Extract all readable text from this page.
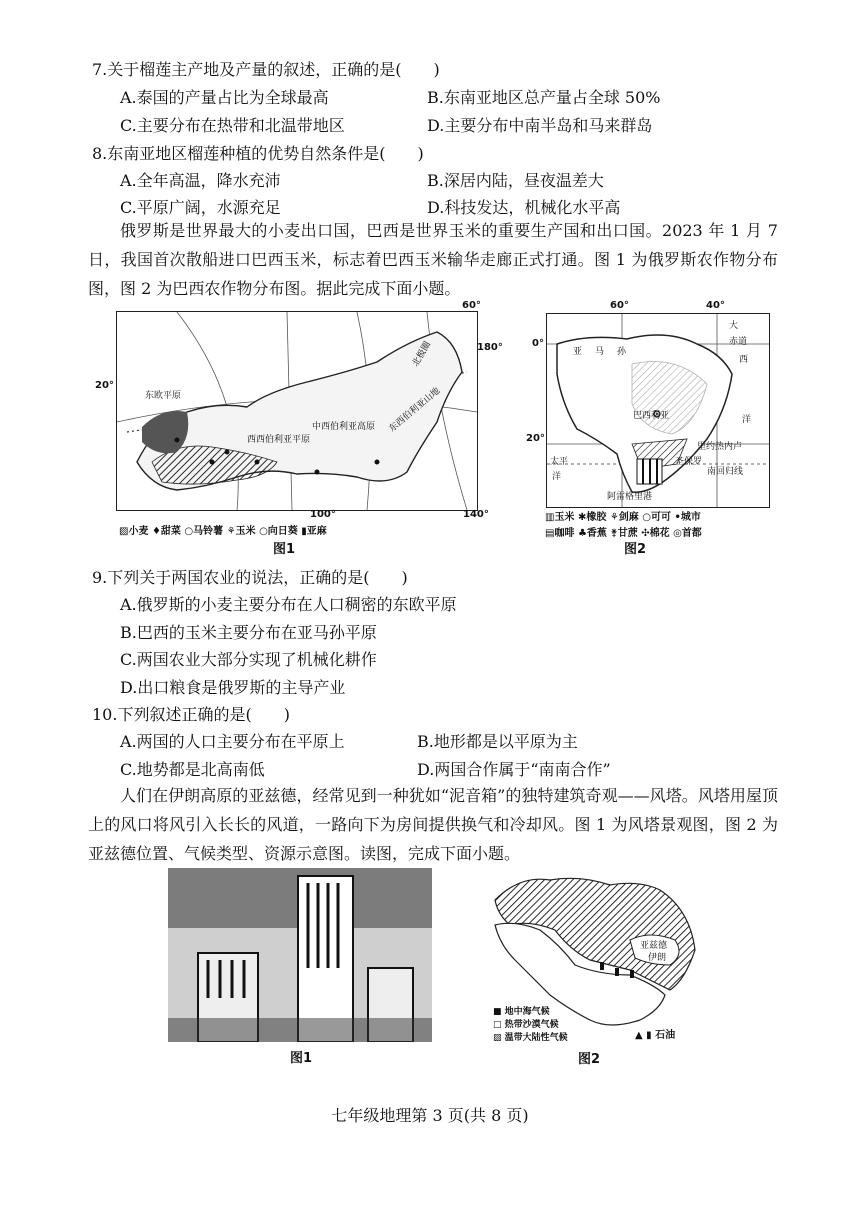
7.关于榴莲主产地及产量的叙述，正确的是(　　)
A.泰国的产量占比为全球最高	B.东南亚地区总产量占全球 50%
C.主要分布在热带和北温带地区	D.主要分布中南半岛和马来群岛
8.东南亚地区榴莲种植的优势自然条件是(　　)
A.全年高温，降水充沛	B.深居内陆，昼夜温差大
C.平原广阔，水源充足	D.科技发达，机械化水平高
俄罗斯是世界最大的小麦出口国，巴西是世界玉米的重要生产国和出口国。2023 年 1 月 7 日，我国首次散船进口巴西玉米，标志着巴西玉米输华走廊正式打通。图 1 为俄罗斯农作物分布图，图 2 为巴西农作物分布图。据此完成下面小题。
东欧平原
西西伯利亚平原
中西伯利亚高原 东西伯利亚山地
北极圈
60°
180°
20°
100°	140°
▨小麦 ♦甜菜 ○马铃薯 ⚘玉米 ○向日葵 ▮亚麻
图1
大
赤道
西
洋
亚 马 孙
巴西利亚
里约热内卢
圣保罗
南回归线
阿雷格里港
太平
洋
60°	40°
0°
20°
▥玉米 ✱橡胶 ⚘剑麻 ○可可 •城市
▤咖啡 ♣香蕉 ⚵甘蔗 ✣棉花 ◎首都
图2
9.下列关于两国农业的说法，正确的是(　　)
A.俄罗斯的小麦主要分布在人口稠密的东欧平原
B.巴西的玉米主要分布在亚马孙平原
C.两国农业大部分实现了机械化耕作
D.出口粮食是俄罗斯的主导产业
10.下列叙述正确的是(　　)
A.两国的人口主要分布在平原上	B.地形都是以平原为主
C.地势都是北高南低	D.两国合作属于“南南合作”
人们在伊朗高原的亚兹德，经常见到一种犹如“泥音箱”的独特建筑奇观——风塔。风塔用屋顶上的风口将风引入长长的风道，一路向下为房间提供换气和冷却风。图 1 为风塔景观图，图 2 为亚兹德位置、气候类型、资源示意图。读图，完成下面小题。
图1
亚兹德
伊朗
■ 地中海气候
□ 热带沙漠气候
▨ 温带大陆性气候	▲ ▮ 石油
图2
七年级地理第 3 页(共 8 页)
